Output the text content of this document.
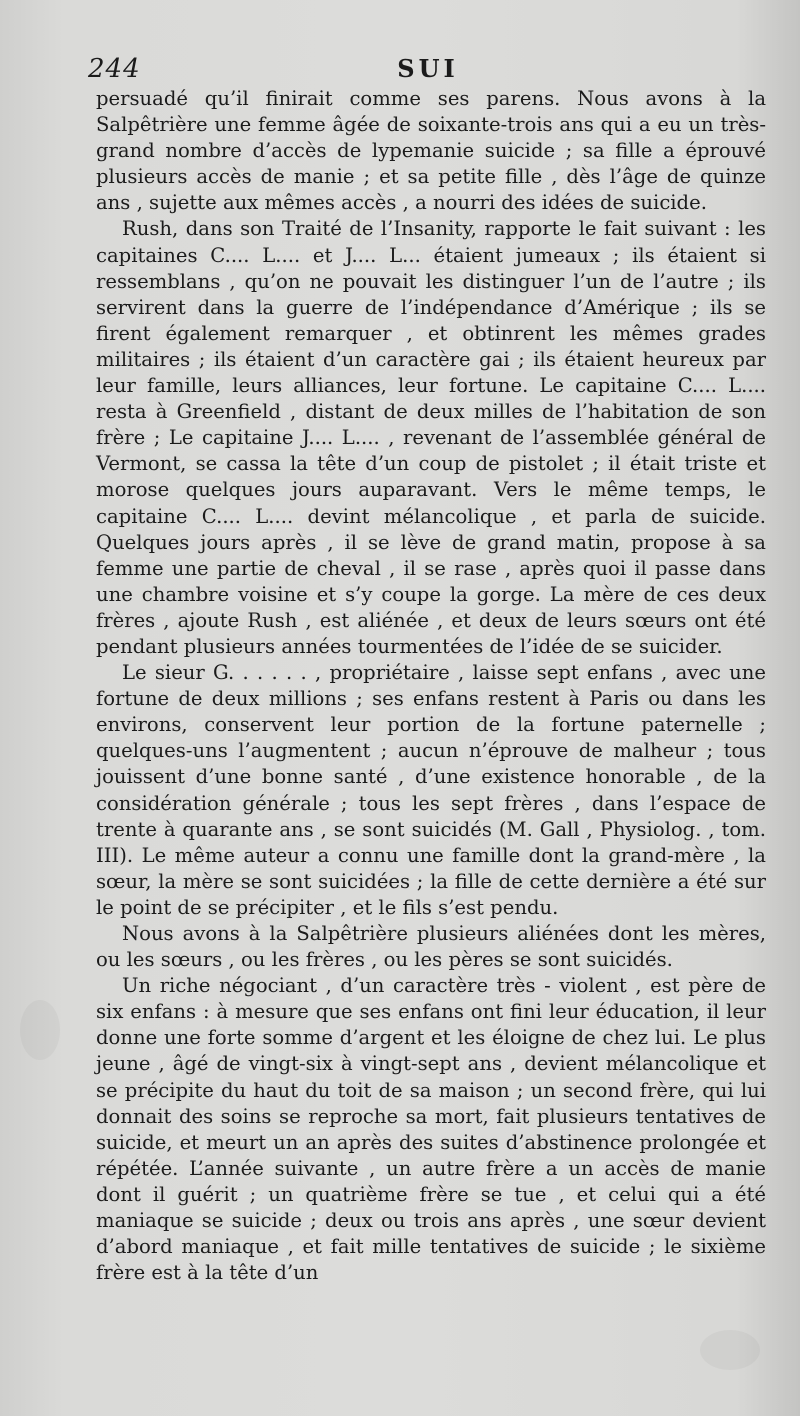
244	SUI

persuadé qu’il finirait comme ses parens. Nous avons à la Salpêtrière une femme âgée de soixante-trois ans qui a eu un très-grand nombre d’accès de lypemanie suicide ; sa fille a éprouvé plusieurs accès de manie ; et sa petite fille , dès l’âge de quinze ans , sujette aux mêmes accès , a nourri des idées de suicide.

Rush, dans son Traité de l’Insanity, rapporte le fait suivant : les capitaines C.... L.... et J.... L... étaient jumeaux ; ils étaient si ressemblans , qu’on ne pouvait les distinguer l’un de l’autre ; ils servirent dans la guerre de l’indépendance d’Amérique ; ils se firent également remarquer , et obtinrent les mêmes grades militaires ; ils étaient d’un caractère gai ; ils étaient heureux par leur famille, leurs alliances, leur fortune. Le capitaine C.... L.... resta à Greenfield , distant de deux milles de l’habitation de son frère ; Le capitaine J.... L.... , revenant de l’assemblée général de Vermont, se cassa la tête d’un coup de pistolet ; il était triste et morose quelques jours auparavant. Vers le même temps, le capitaine C.... L.... devint mélancolique , et parla de suicide. Quelques jours après , il se lève de grand matin, propose à sa femme une partie de cheval , il se rase , après quoi il passe dans une chambre voisine et s’y coupe la gorge. La mère de ces deux frères , ajoute Rush , est aliénée , et deux de leurs sœurs ont été pendant plusieurs années tourmentées de l’idée de se suicider.

Le sieur G. . . . . . , propriétaire , laisse sept enfans , avec une fortune de deux millions ; ses enfans restent à Paris ou dans les environs, conservent leur portion de la fortune paternelle ; quelques-uns l’augmentent ; aucun n’éprouve de malheur ; tous jouissent d’une bonne santé , d’une existence honorable , de la considération générale ; tous les sept frères , dans l’espace de trente à quarante ans , se sont suicidés (M. Gall , Physiolog. , tom. III). Le même auteur a connu une famille dont la grand-mère , la sœur, la mère se sont suicidées ; la fille de cette dernière a été sur le point de se précipiter , et le fils s’est pendu.

Nous avons à la Salpêtrière plusieurs aliénées dont les mères, ou les sœurs , ou les frères , ou les pères se sont suicidés.

Un riche négociant , d’un caractère très - violent , est père de six enfans : à mesure que ses enfans ont fini leur éducation, il leur donne une forte somme d’argent et les éloigne de chez lui. Le plus jeune , âgé de vingt-six à vingt-sept ans , devient mélancolique et se précipite du haut du toit de sa maison ; un second frère, qui lui donnait des soins se reproche sa mort, fait plusieurs tentatives de suicide, et meurt un an après des suites d’abstinence prolongée et répétée. L’année suivante , un autre frère a un accès de manie dont il guérit ; un quatrième frère se tue , et celui qui a été maniaque se suicide ; deux ou trois ans après , une sœur devient d’abord maniaque , et fait mille tentatives de suicide ; le sixième frère est à la tête d’un
